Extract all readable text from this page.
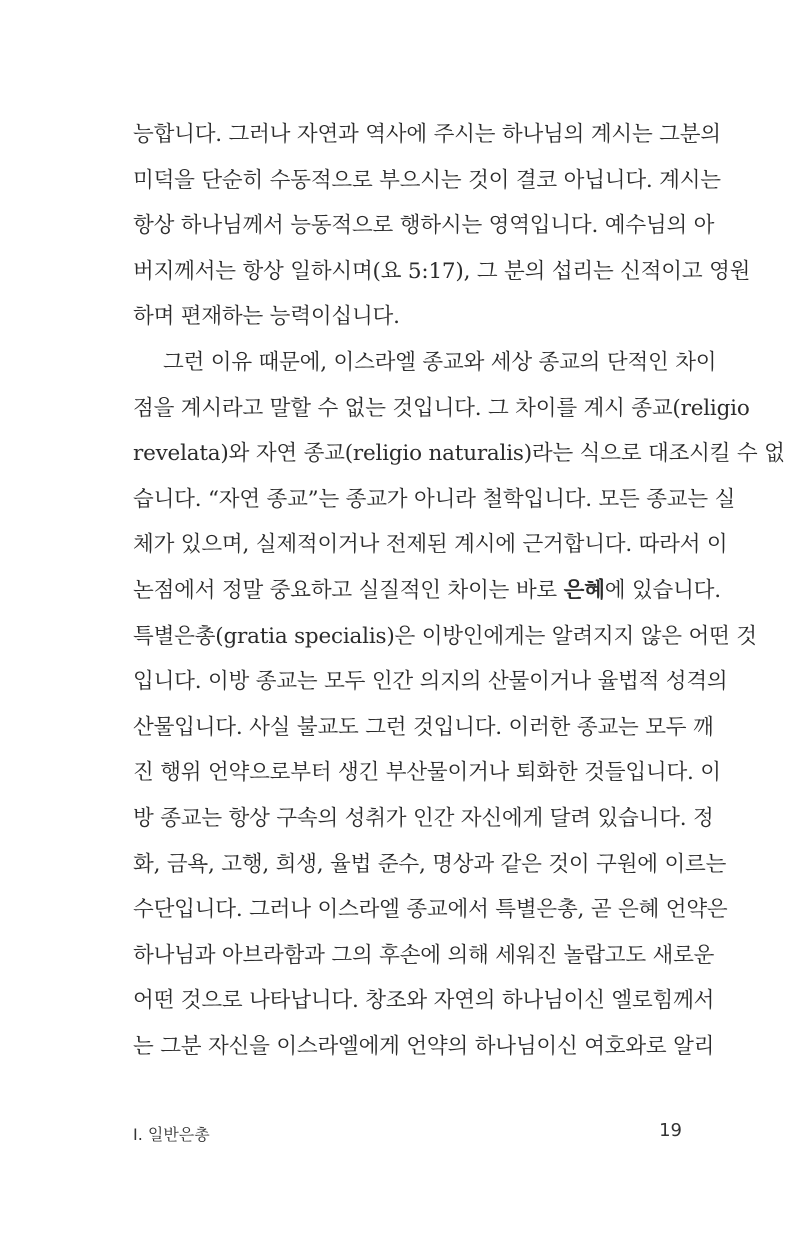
능합니다. 그러나 자연과 역사에 주시는 하나님의 계시는 그분의
미덕을 단순히 수동적으로 부으시는 것이 결코 아닙니다. 계시는
항상 하나님께서 능동적으로 행하시는 영역입니다. 예수님의 아
버지께서는 항상 일하시며(요 5:17), 그 분의 섭리는 신적이고 영원
하며 편재하는 능력이십니다.
그런 이유 때문에, 이스라엘 종교와 세상 종교의 단적인 차이
점을 계시라고 말할 수 없는 것입니다. 그 차이를 계시 종교(religio
revelata)와 자연 종교(religio naturalis)라는 식으로 대조시킬 수 없
습니다. “자연 종교”는 종교가 아니라 철학입니다. 모든 종교는 실
체가 있으며, 실제적이거나 전제된 계시에 근거합니다. 따라서 이
논점에서 정말 중요하고 실질적인 차이는 바로 은혜에 있습니다.
특별은총(gratia specialis)은 이방인에게는 알려지지 않은 어떤 것
입니다. 이방 종교는 모두 인간 의지의 산물이거나 율법적 성격의
산물입니다. 사실 불교도 그런 것입니다. 이러한 종교는 모두 깨
진 행위 언약으로부터 생긴 부산물이거나 퇴화한 것들입니다. 이
방 종교는 항상 구속의 성취가 인간 자신에게 달려 있습니다. 정
화, 금욕, 고행, 희생, 율법 준수, 명상과 같은 것이 구원에 이르는
수단입니다. 그러나 이스라엘 종교에서 특별은총, 곧 은혜 언약은
하나님과 아브라함과 그의 후손에 의해 세워진 놀랍고도 새로운
어떤 것으로 나타납니다. 창조와 자연의 하나님이신 엘로힘께서
는 그분 자신을 이스라엘에게 언약의 하나님이신 여호와로 알리
I. 일반은총	19
